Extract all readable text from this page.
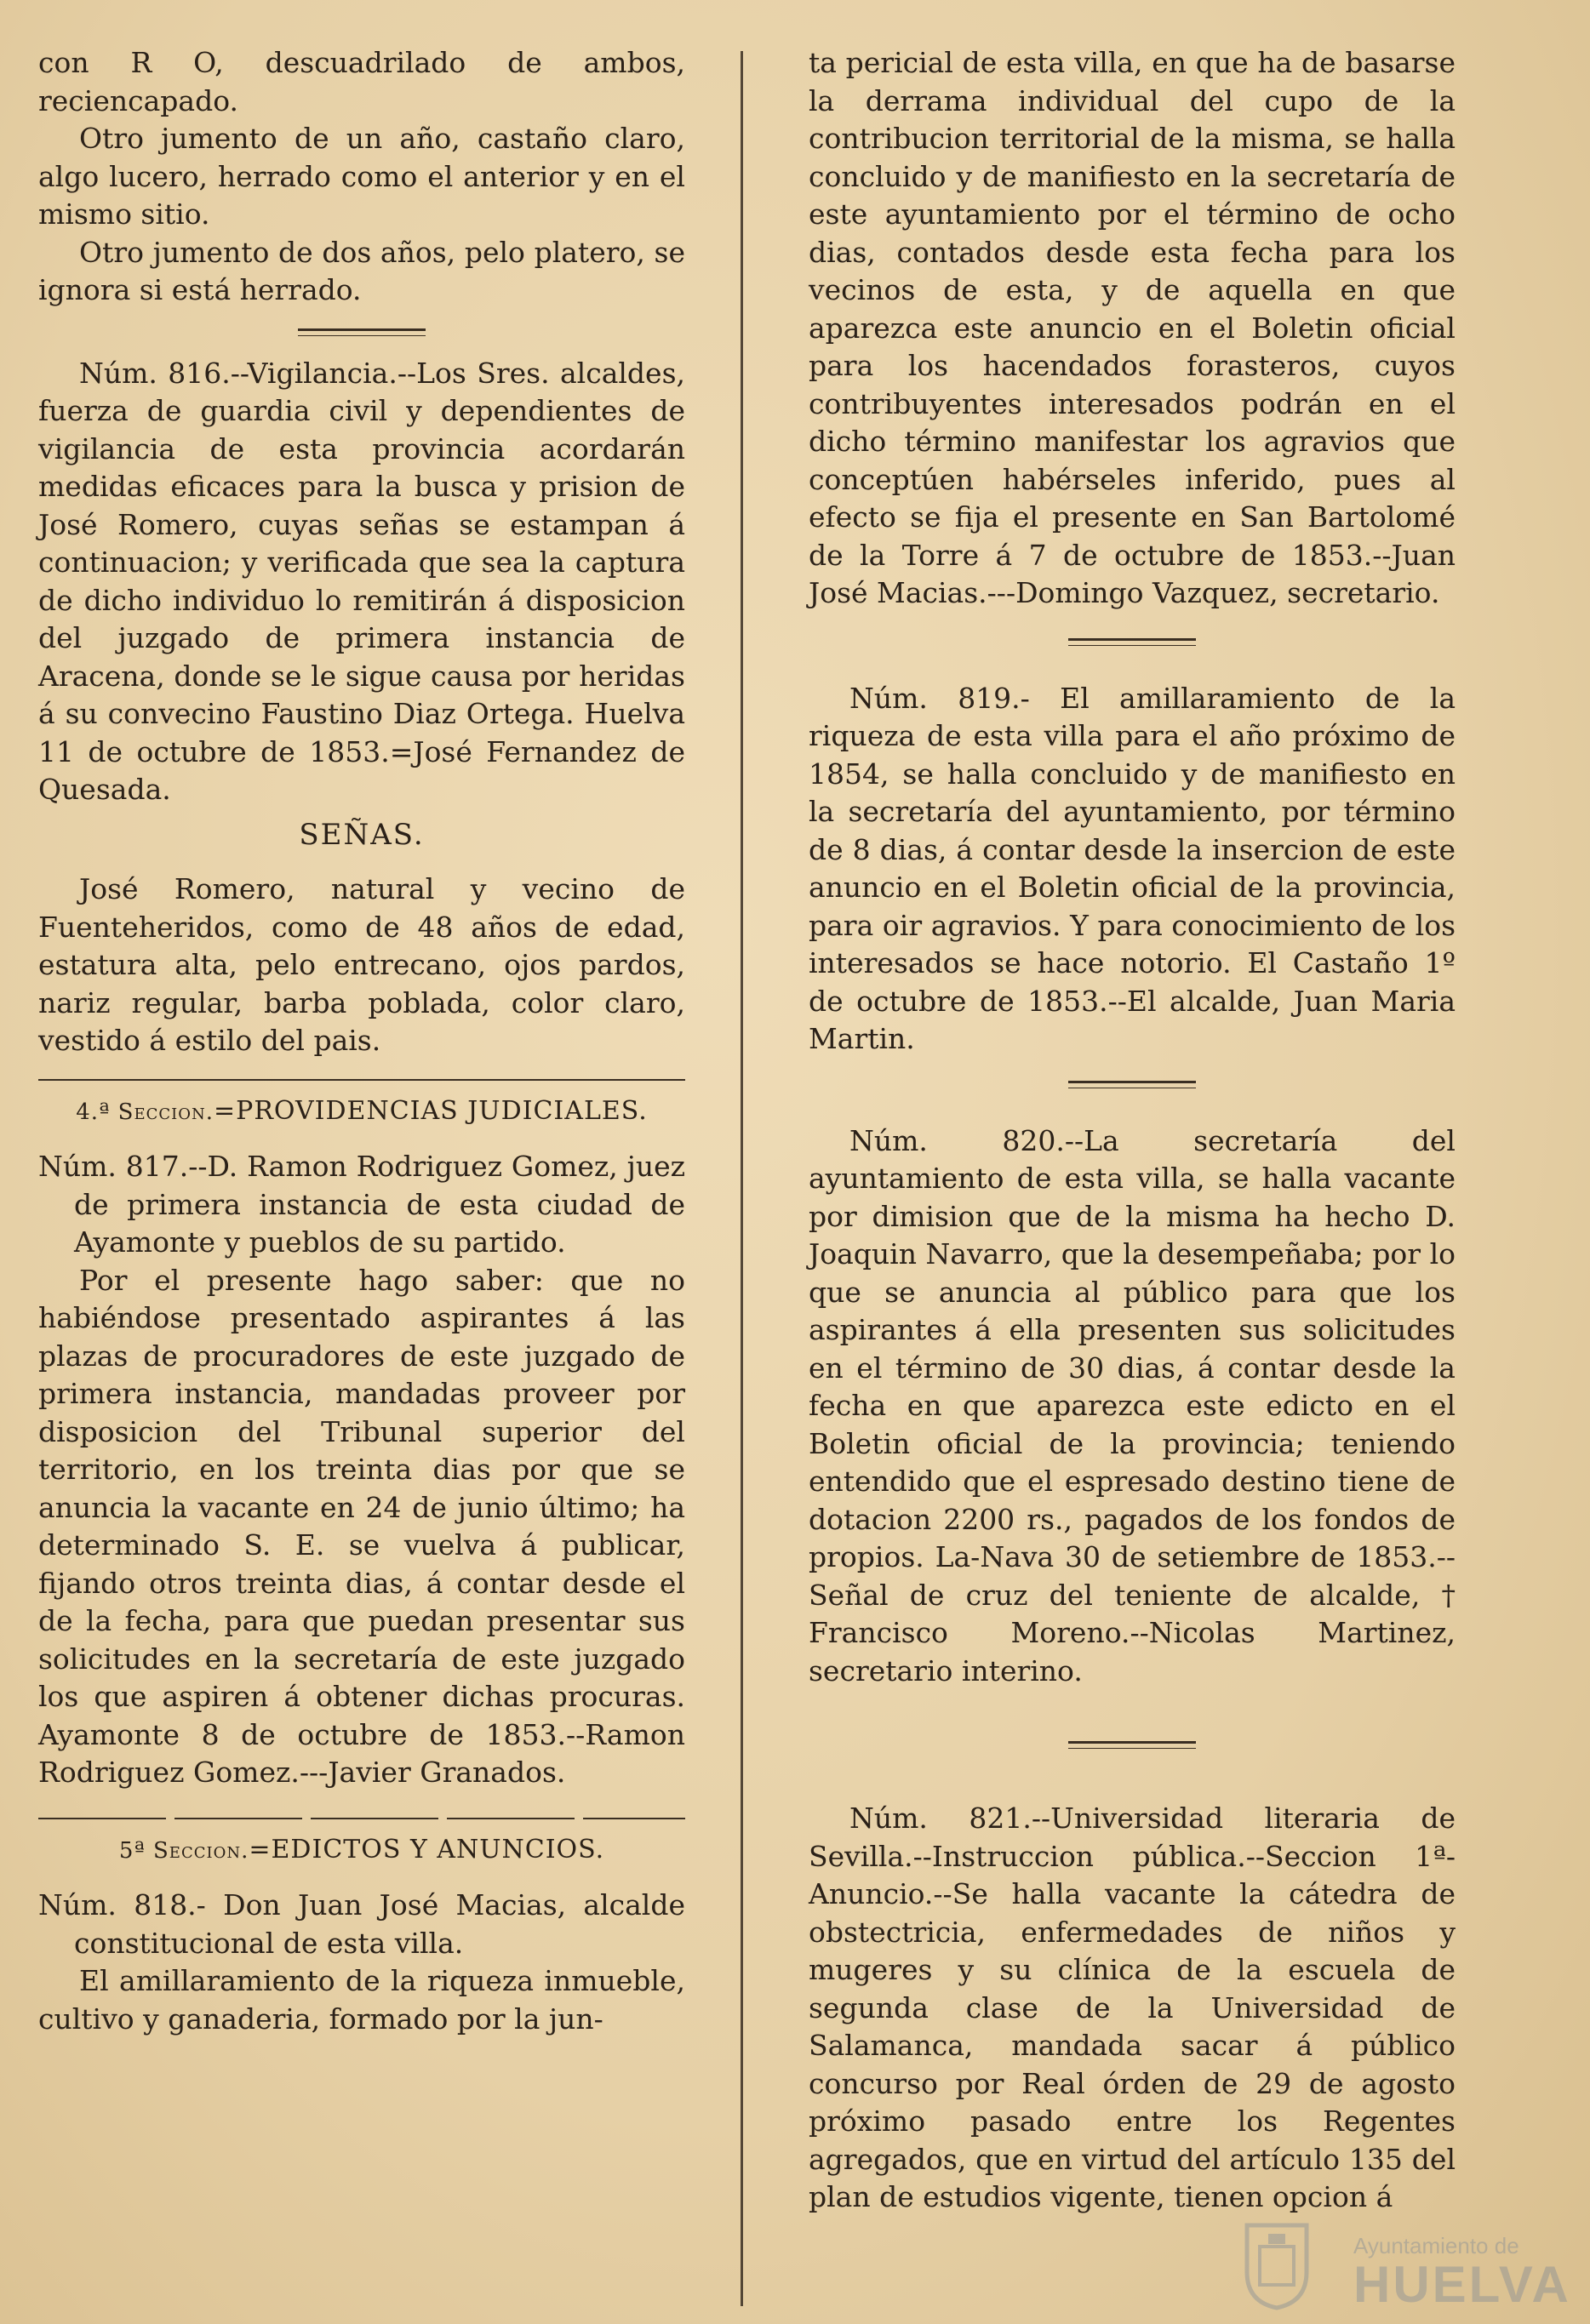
con R O, descuadrilado de ambos, reciencapado.

Otro jumento de un año, castaño claro, algo lucero, herrado como el anterior y en el mismo sitio.

Otro jumento de dos años, pelo platero, se ignora si está herrado.

Núm. 816.--Vigilancia.--Los Sres. alcaldes, fuerza de guardia civil y dependientes de vigilancia de esta provincia acordarán medidas eficaces para la busca y prision de José Romero, cuyas señas se estampan á continuacion; y verificada que sea la captura de dicho individuo lo remitirán á disposicion del juzgado de primera instancia de Aracena, donde se le sigue causa por heridas á su convecino Faustino Diaz Ortega. Huelva 11 de octubre de 1853.=José Fernandez de Quesada.

SEÑAS.

José Romero, natural y vecino de Fuenteheridos, como de 48 años de edad, estatura alta, pelo entrecano, ojos pardos, nariz regular, barba poblada, color claro, vestido á estilo del pais.

4.ª Seccion.=PROVIDENCIAS JUDICIALES.

Núm. 817.--D. Ramon Rodriguez Gomez, juez de primera instancia de esta ciudad de Ayamonte y pueblos de su partido.

Por el presente hago saber: que no habiéndose presentado aspirantes á las plazas de procuradores de este juzgado de primera instancia, mandadas proveer por disposicion del Tribunal superior del territorio, en los treinta dias por que se anuncia la vacante en 24 de junio último; ha determinado S. E. se vuelva á publicar, fijando otros treinta dias, á contar desde el de la fecha, para que puedan presentar sus solicitudes en la secretaría de este juzgado los que aspiren á obtener dichas procuras. Ayamonte 8 de octubre de 1853.--Ramon Rodriguez Gomez.---Javier Granados.

5ª Seccion.=EDICTOS Y ANUNCIOS.

Núm. 818.- Don Juan José Macias, alcalde constitucional de esta villa.

El amillaramiento de la riqueza inmueble, cultivo y ganaderia, formado por la jun-

ta pericial de esta villa, en que ha de basarse la derrama individual del cupo de la contribucion territorial de la misma, se halla concluido y de manifiesto en la secretaría de este ayuntamiento por el término de ocho dias, contados desde esta fecha para los vecinos de esta, y de aquella en que aparezca este anuncio en el Boletin oficial para los hacendados forasteros, cuyos contribuyentes interesados podrán en el dicho término manifestar los agravios que conceptúen habérseles inferido, pues al efecto se fija el presente en San Bartolomé de la Torre á 7 de octubre de 1853.--Juan José Macias.---Domingo Vazquez, secretario.

Núm. 819.- El amillaramiento de la riqueza de esta villa para el año próximo de 1854, se halla concluido y de manifiesto en la secretaría del ayuntamiento, por término de 8 dias, á contar desde la insercion de este anuncio en el Boletin oficial de la provincia, para oir agravios. Y para conocimiento de los interesados se hace notorio. El Castaño 1º de octubre de 1853.--El alcalde, Juan Maria Martin.

Núm. 820.--La secretaría del ayuntamiento de esta villa, se halla vacante por dimision que de la misma ha hecho D. Joaquin Navarro, que la desempeñaba; por lo que se anuncia al público para que los aspirantes á ella presenten sus solicitudes en el término de 30 dias, á contar desde la fecha en que aparezca este edicto en el Boletin oficial de la provincia; teniendo entendido que el espresado destino tiene de dotacion 2200 rs., pagados de los fondos de propios. La-Nava 30 de setiembre de 1853.--Señal de cruz del teniente de alcalde, † Francisco Moreno.--Nicolas Martinez, secretario interino.

Núm. 821.--Universidad literaria de Sevilla.--Instruccion pública.--Seccion 1ª-Anuncio.--Se halla vacante la cátedra de obstectricia, enfermedades de niños y mugeres y su clínica de la escuela de segunda clase de la Universidad de Salamanca, mandada sacar á público concurso por Real órden de 29 de agosto próximo pasado entre los Regentes agregados, que en virtud del artículo 135 del plan de estudios vigente, tienen opcion á

Ayuntamiento de
HUELVA
